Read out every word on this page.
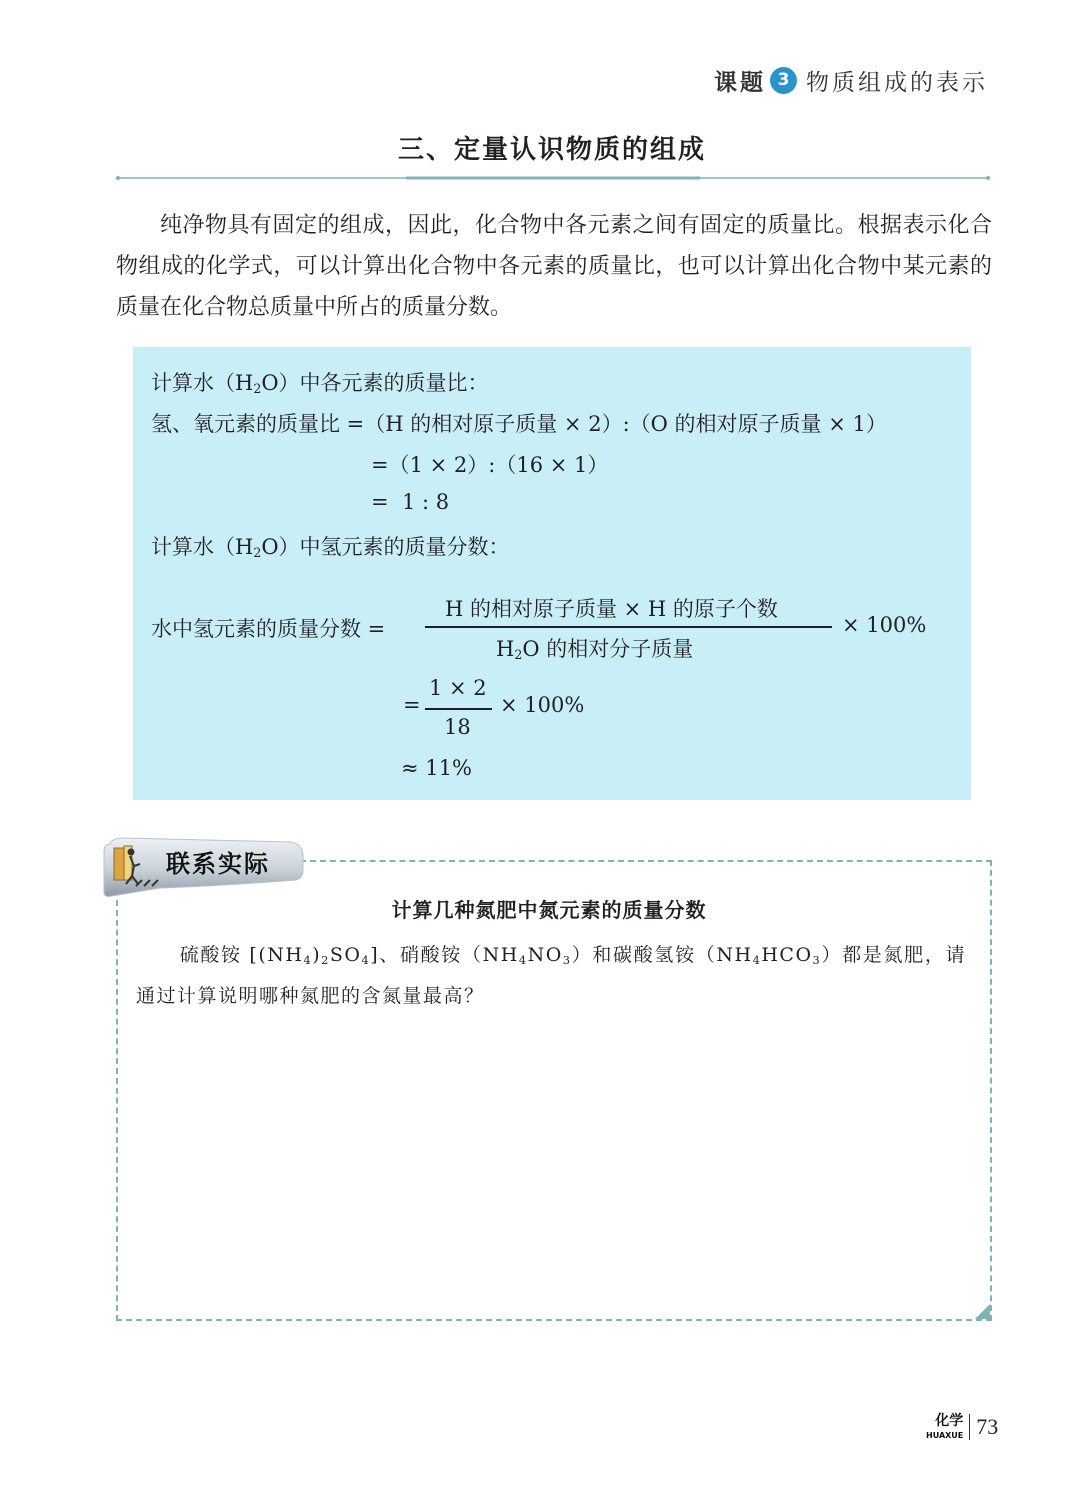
课题 3 物质组成的表示
三、定量认识物质的组成

纯净物具有固定的组成，因此，化合物中各元素之间有固定的质量比。根据表示化合物组成的化学式，可以计算出化合物中各元素的质量比，也可以计算出化合物中某元素的质量在化合物总质量中所占的质量分数。

计算水$(H_2O)$中各元素的质量比：
氢、氧元素的质量比 =（H 的相对原子质量 × 2）:（O 的相对原子质量 × 1）
=（1 × 2）:（16 × 1）
=  1 : 8
计算水$(H_2O)$中氢元素的质量分数：
水中氢元素的质量分数 =
H 的相对原子质量 × H 的原子个数
$H_2O$ 的相对分子质量
× 100%
=
1 × 2
18
× 100%
≈ 11%
联系实际
计算几种氮肥中氮元素的质量分数

硫酸铵 $[(NH_4)_2SO_4]$、硝酸铵$(NH_4NO_3)$和碳酸氢铵$(NH_4HCO_3)$都是氮肥，请通过计算说明哪种氮肥的含氮量最高？

化学
HUAXUE 73
